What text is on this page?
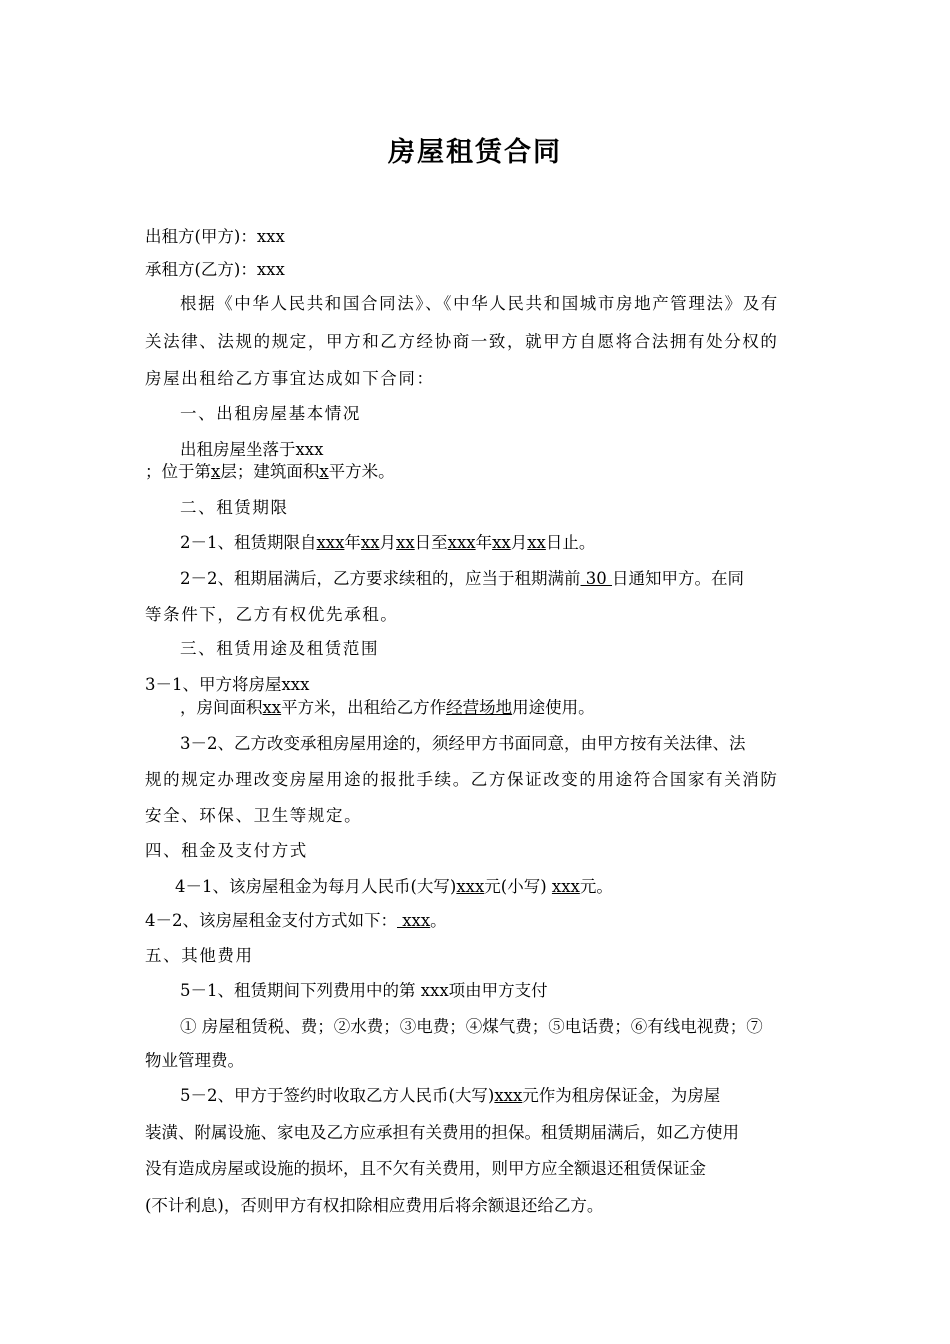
房屋租赁合同
出租方(甲方)：xxx
承租方(乙方)：xxx
根据《中华人民共和国合同法》、《中华人民共和国城市房地产管理法》及有
关法律、法规的规定，甲方和乙方经协商一致，就甲方自愿将合法拥有处分权的
房屋出租给乙方事宜达成如下合同：
一、出租房屋基本情况
出租房屋坐落于xxx
；位于第x层；建筑面积x平方米。
二、租赁期限
2－1、租赁期限自xxx年xx月xx日至xxx年xx月xx日止。
2－2、租期届满后，乙方要求续租的，应当于租期满前 30 日通知甲方。在同
等条件下，乙方有权优先承租。
三、租赁用途及租赁范围
3－1、甲方将房屋xxx
，房间面积xx平方米，出租给乙方作经营场地用途使用。
3－2、乙方改变承租房屋用途的，须经甲方书面同意，由甲方按有关法律、法
规的规定办理改变房屋用途的报批手续。乙方保证改变的用途符合国家有关消防
安全、环保、卫生等规定。
四、租金及支付方式
4－1、该房屋租金为每月人民币(大写)xxx元(小写) xxx元。
4－2、该房屋租金支付方式如下： xxx。
五、其他费用
5－1、租赁期间下列费用中的第 xxx项由甲方支付
① 房屋租赁税、费；②水费；③电费；④煤气费；⑤电话费；⑥有线电视费；⑦
物业管理费。
5－2、甲方于签约时收取乙方人民币(大写)xxx元作为租房保证金，为房屋
装潢、附属设施、家电及乙方应承担有关费用的担保。租赁期届满后，如乙方使用
没有造成房屋或设施的损坏，且不欠有关费用，则甲方应全额退还租赁保证金
(不计利息)，否则甲方有权扣除相应费用后将余额退还给乙方。
